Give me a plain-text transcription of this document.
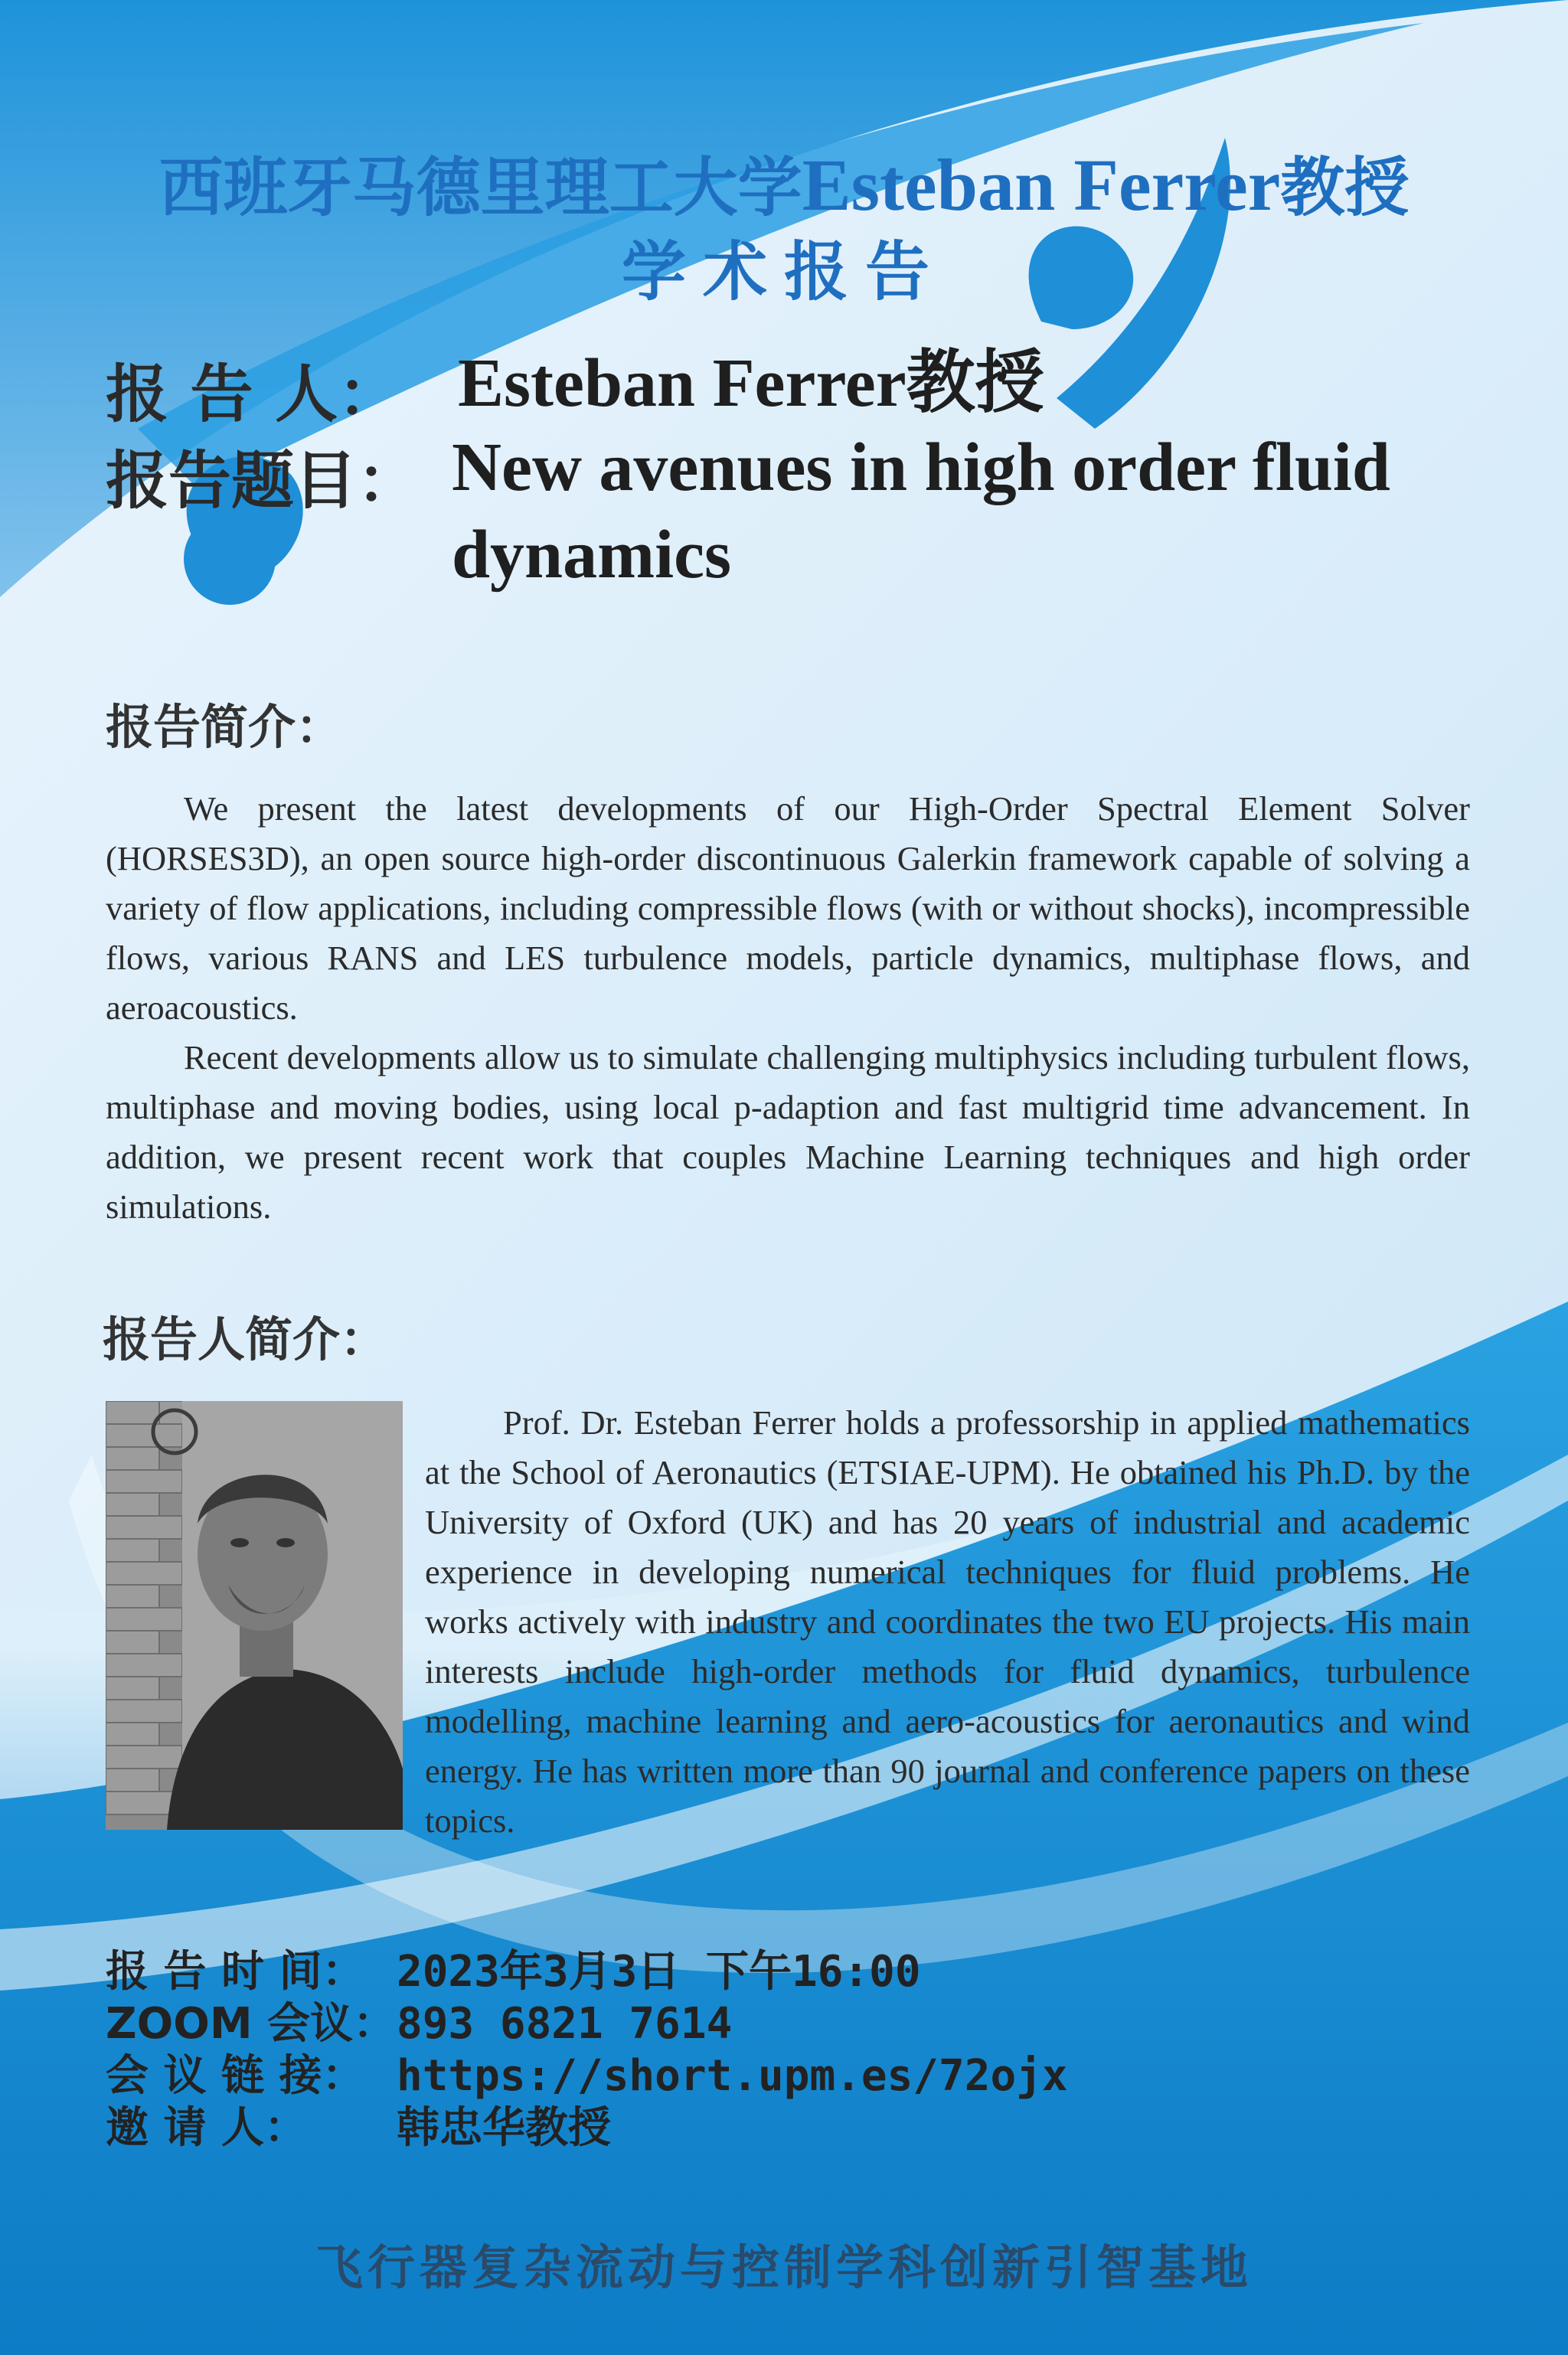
西班牙马德里理工大学Esteban Ferrer教授
学术报告
报 告 人： Esteban Ferrer教授
报告题目： New avenues in high order fluid
dynamics
报告简介：

We present the latest developments of our High-Order Spectral Element Solver (HORSES3D), an open source high-order discontinuous Galerkin framework capable of solving a variety of flow applications, including compressible flows (with or without shocks), incompressible flows, various RANS and LES turbulence models, particle dynamics, multiphase flows, and aeroacoustics.

Recent developments allow us to simulate challenging multiphysics including turbulent flows, multiphase and moving bodies, using local p-adaption and fast multigrid time advancement. In addition, we present recent work that couples Machine Learning techniques and high order simulations.

报告人简介：

Prof. Dr. Esteban Ferrer holds a professorship in applied mathematics at the School of Aeronautics (ETSIAE-UPM). He obtained his Ph.D. by the University of Oxford (UK) and has 20 years of industrial and academic experience in developing numerical techniques for fluid problems. He works actively with industry and coordinates the two EU projects. His main interests include high-order methods for fluid dynamics, turbulence modelling, machine learning and aero-acoustics for aeronautics and wind energy. He has written more than 90 journal and conference papers on these topics.

报 告 时 间： 2023年3月3日 下午16:00
ZOOM 会议：893 6821 7614
会 议 链 接： https://short.upm.es/72ojx
邀 请 人： 韩忠华教授
飞行器复杂流动与控制学科创新引智基地
